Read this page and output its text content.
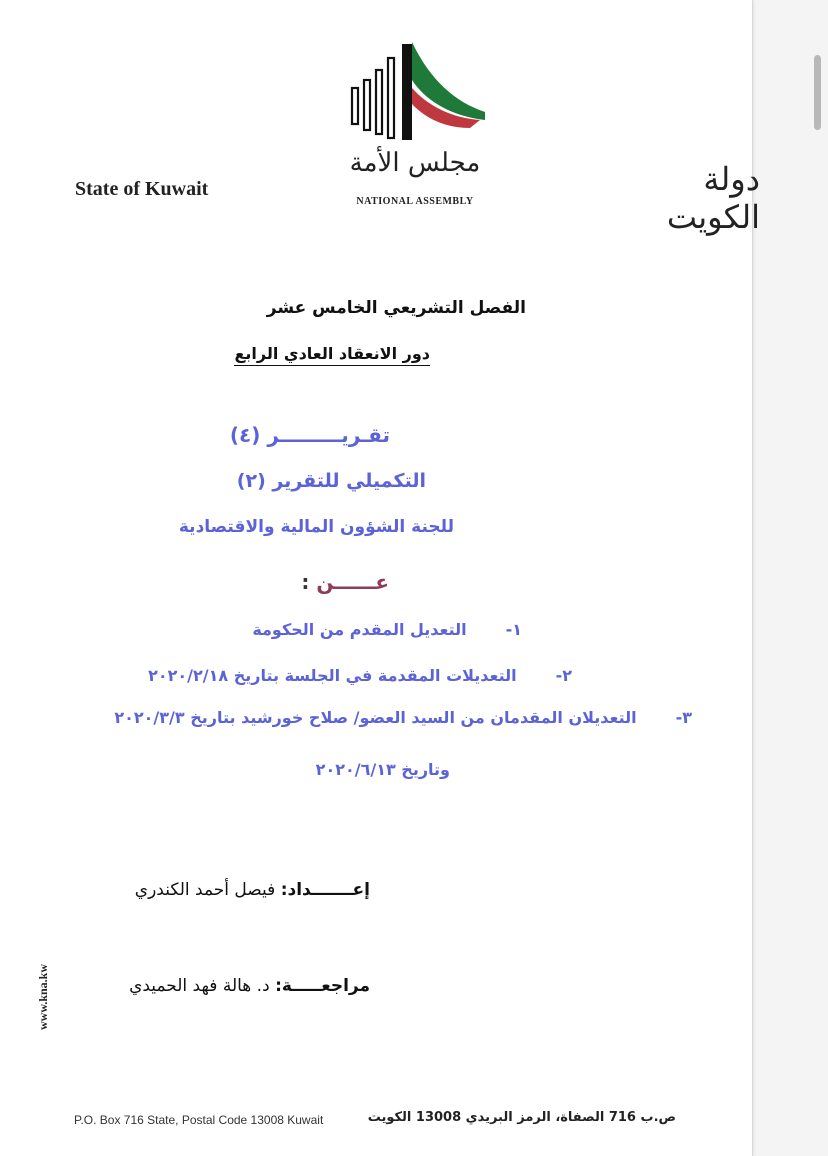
State of Kuwait
مجلس الأمة
NATIONAL ASSEMBLY
دولة الكويت
الفصل التشريعي الخامس عشر
دور الانعقاد العادي الرابع
تقـريـــــــــر (٤)
التكميلي للتقرير (٢)
للجنة الشؤون المالية والاقتصادية
عــــــن :
١-       التعديل المقدم من الحكومة
٢-       التعديلات المقدمة في الجلسة بتاريخ ٢٠٢٠/٢/١٨
٣-       التعديلان المقدمان من السيد العضو/ صلاح خورشيد بتاريخ ٢٠٢٠/٣/٣
وتاريخ ٢٠٢٠/٦/١٣
إعـــــــداد: فيصل أحمد الكندري
مراجعـــــة: د. هالة فهد الحميدي
www.kna.kw
P.O. Box 716 State, Postal Code 13008 Kuwait	ص.ب 716 الصفاة، الرمز البريدي 13008 الكويت
